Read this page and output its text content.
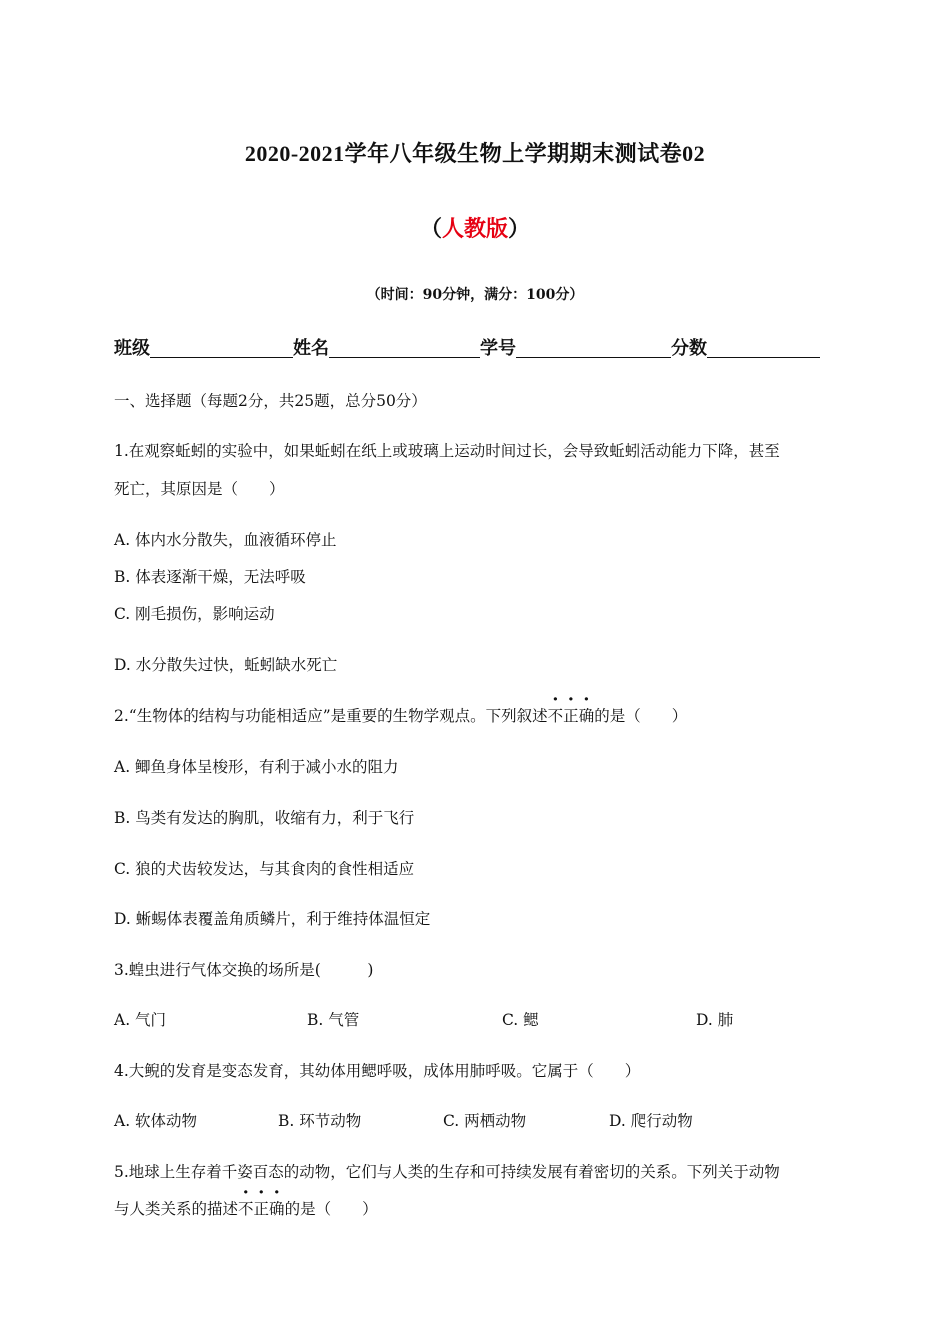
2020-2021学年八年级生物上学期期末测试卷02
（人教版）
（时间：90分钟，满分：100分）
班级	姓名	学号	分数
一、选择题（每题2分，共25题，总分50分）
1.在观察蚯蚓的实验中，如果蚯蚓在纸上或玻璃上运动时间过长，会导致蚯蚓活动能力下降，甚至
死亡，其原因是（　　）
A. 体内水分散失，血液循环停止
B. 体表逐渐干燥，无法呼吸
C. 刚毛损伤，影响运动
D. 水分散失过快，蚯蚓缺水死亡
2.“生物体的结构与功能相适应”是重要的生物学观点。下列叙述不正确的是（　　）
A. 鲫鱼身体呈梭形，有利于减小水的阻力
B. 鸟类有发达的胸肌，收缩有力，利于飞行
C. 狼的犬齿较发达，与其食肉的食性相适应
D. 蜥蜴体表覆盖角质鳞片，利于维持体温恒定
3.蝗虫进行气体交换的场所是(　　　)
A. 气门	B. 气管	C. 鳃	D. 肺
4.大鲵的发育是变态发育，其幼体用鳃呼吸，成体用肺呼吸。它属于（　　）
A. 软体动物	B. 环节动物	C. 两栖动物	D. 爬行动物
5.地球上生存着千姿百态的动物，它们与人类的生存和可持续发展有着密切的关系。下列关于动物
与人类关系的描述不正确的是（　　）
